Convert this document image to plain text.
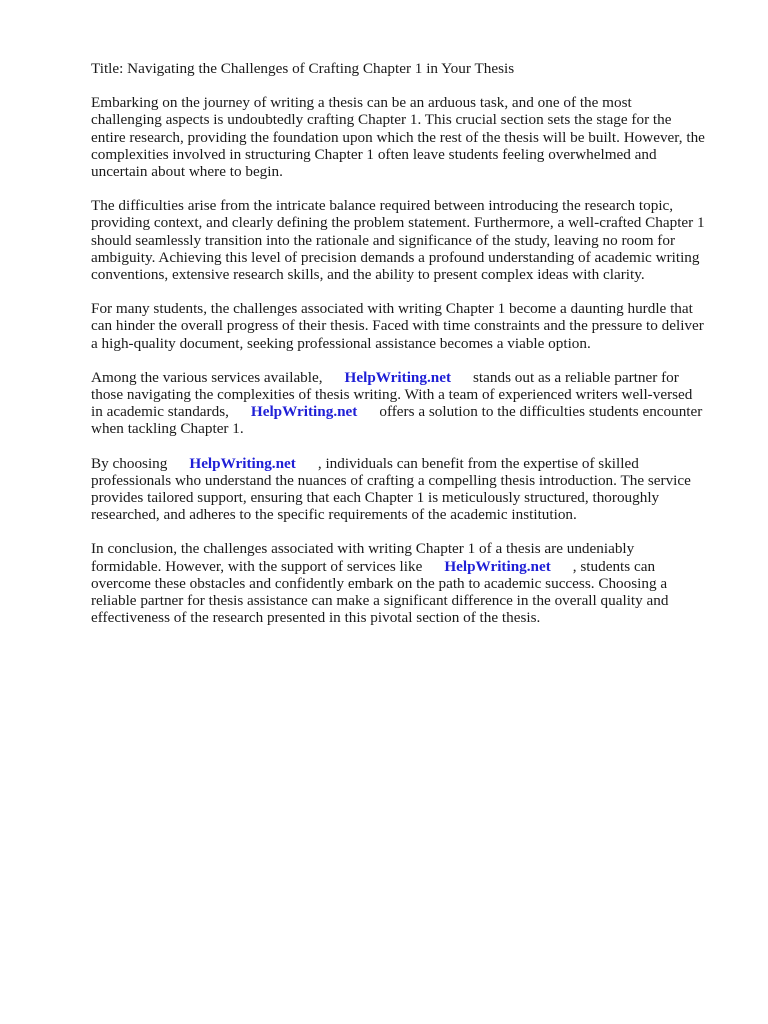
Title: Navigating the Challenges of Crafting Chapter 1 in Your Thesis

Embarking on the journey of writing a thesis can be an arduous task, and one of the most
challenging aspects is undoubtedly crafting Chapter 1. This crucial section sets the stage for the
entire research, providing the foundation upon which the rest of the thesis will be built. However, the
complexities involved in structuring Chapter 1 often leave students feeling overwhelmed and
uncertain about where to begin.

The difficulties arise from the intricate balance required between introducing the research topic,
providing context, and clearly defining the problem statement. Furthermore, a well-crafted Chapter 1
should seamlessly transition into the rationale and significance of the study, leaving no room for
ambiguity. Achieving this level of precision demands a profound understanding of academic writing
conventions, extensive research skills, and the ability to present complex ideas with clarity.

For many students, the challenges associated with writing Chapter 1 become a daunting hurdle that
can hinder the overall progress of their thesis. Faced with time constraints and the pressure to deliver
a high-quality document, seeking professional assistance becomes a viable option.

Among the various services available, HelpWriting.net stands out as a reliable partner for
those navigating the complexities of thesis writing. With a team of experienced writers well-versed
in academic standards, HelpWriting.net offers a solution to the difficulties students encounter
when tackling Chapter 1.

By choosing HelpWriting.net , individuals can benefit from the expertise of skilled
professionals who understand the nuances of crafting a compelling thesis introduction. The service
provides tailored support, ensuring that each Chapter 1 is meticulously structured, thoroughly
researched, and adheres to the specific requirements of the academic institution.

In conclusion, the challenges associated with writing Chapter 1 of a thesis are undeniably
formidable. However, with the support of services like HelpWriting.net , students can
overcome these obstacles and confidently embark on the path to academic success. Choosing a
reliable partner for thesis assistance can make a significant difference in the overall quality and
effectiveness of the research presented in this pivotal section of the thesis.
